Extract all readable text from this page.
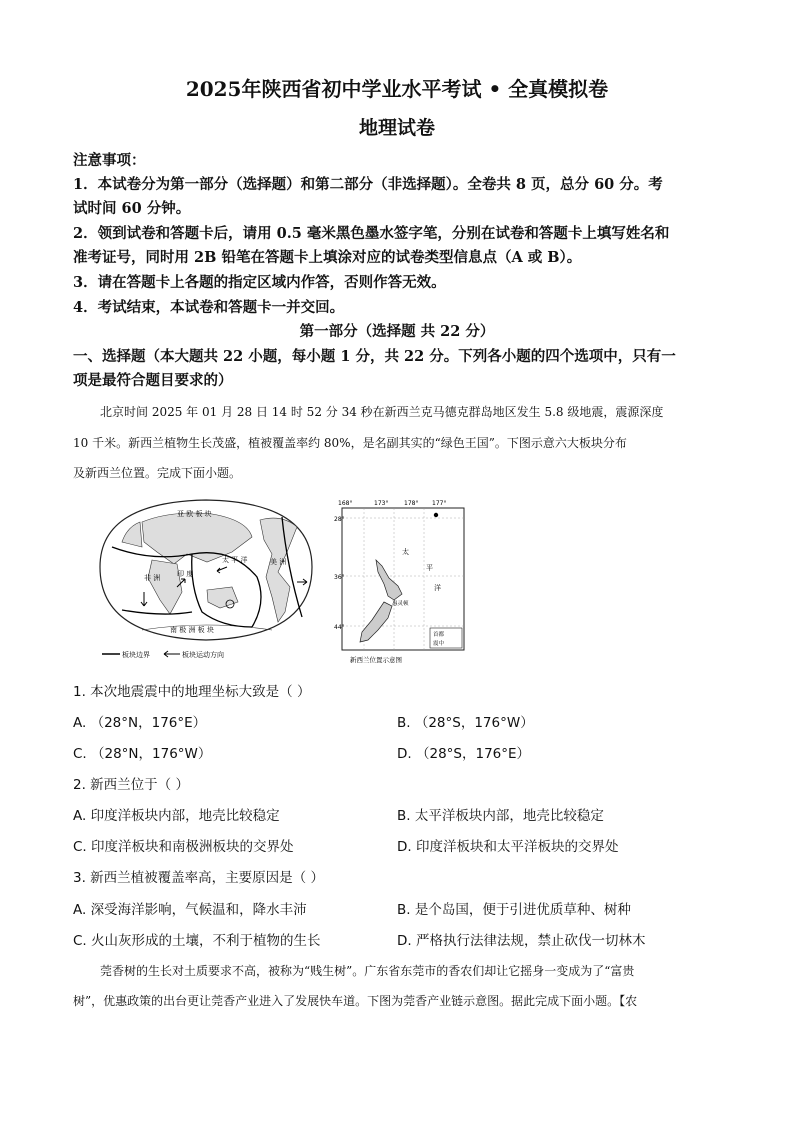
2025年陕西省初中学业水平考试 • 全真模拟卷
地理试卷
注意事项：
1．本试卷分为第一部分（选择题）和第二部分（非选择题）。全卷共 8 页，总分 60 分。考
试时间 60 分钟。
2．领到试卷和答题卡后，请用 0.5 毫米黑色墨水签字笔，分别在试卷和答题卡上填写姓名和
准考证号，同时用 2B 铅笔在答题卡上填涂对应的试卷类型信息点（A 或 B）。
3．请在答题卡上各题的指定区域内作答，否则作答无效。
4．考试结束，本试卷和答题卡一并交回。
第一部分（选择题 共 22 分）
一、选择题（本大题共 22 小题，每小题 1 分，共 22 分。下列各小题的四个选项中，只有一
项是最符合题目要求的）
北京时间 2025 年 01 月 28 日 14 时 52 分 34 秒在新西兰克马德克群岛地区发生 5.8 级地震，震源深度
10 千米。新西兰植物生长茂盛，植被覆盖率约 80%，是名副其实的“绿色王国”。下图示意六大板块分布
及新西兰位置。完成下面小题。
亚 欧 板 块
非 洲 印 度
太 平 洋	美 洲
南 极 洲 板 块
板块边界	板块运动方向
168°	173°	178° 177°
28°
36°
44°
惠灵顿
太
平
洋
首都
震中
新西兰位置示意图
1. 本次地震震中的地理坐标大致是（ ）
A. （28°N，176°E）	B. （28°S，176°W）
C. （28°N，176°W）	D. （28°S，176°E）
2. 新西兰位于（ ）
A. 印度洋板块内部，地壳比较稳定	B. 太平洋板块内部，地壳比较稳定
C. 印度洋板块和南极洲板块的交界处	D. 印度洋板块和太平洋板块的交界处
3. 新西兰植被覆盖率高，主要原因是（ ）
A. 深受海洋影响，气候温和，降水丰沛	B. 是个岛国，便于引进优质草种、树种
C. 火山灰形成的土壤，不利于植物的生长	D. 严格执行法律法规，禁止砍伐一切林木
莞香树的生长对土质要求不高，被称为“贱生树”。广东省东莞市的香农们却让它摇身一变成为了“富贵
树”，优惠政策的出台更让莞香产业进入了发展快车道。下图为莞香产业链示意图。据此完成下面小题。【农
